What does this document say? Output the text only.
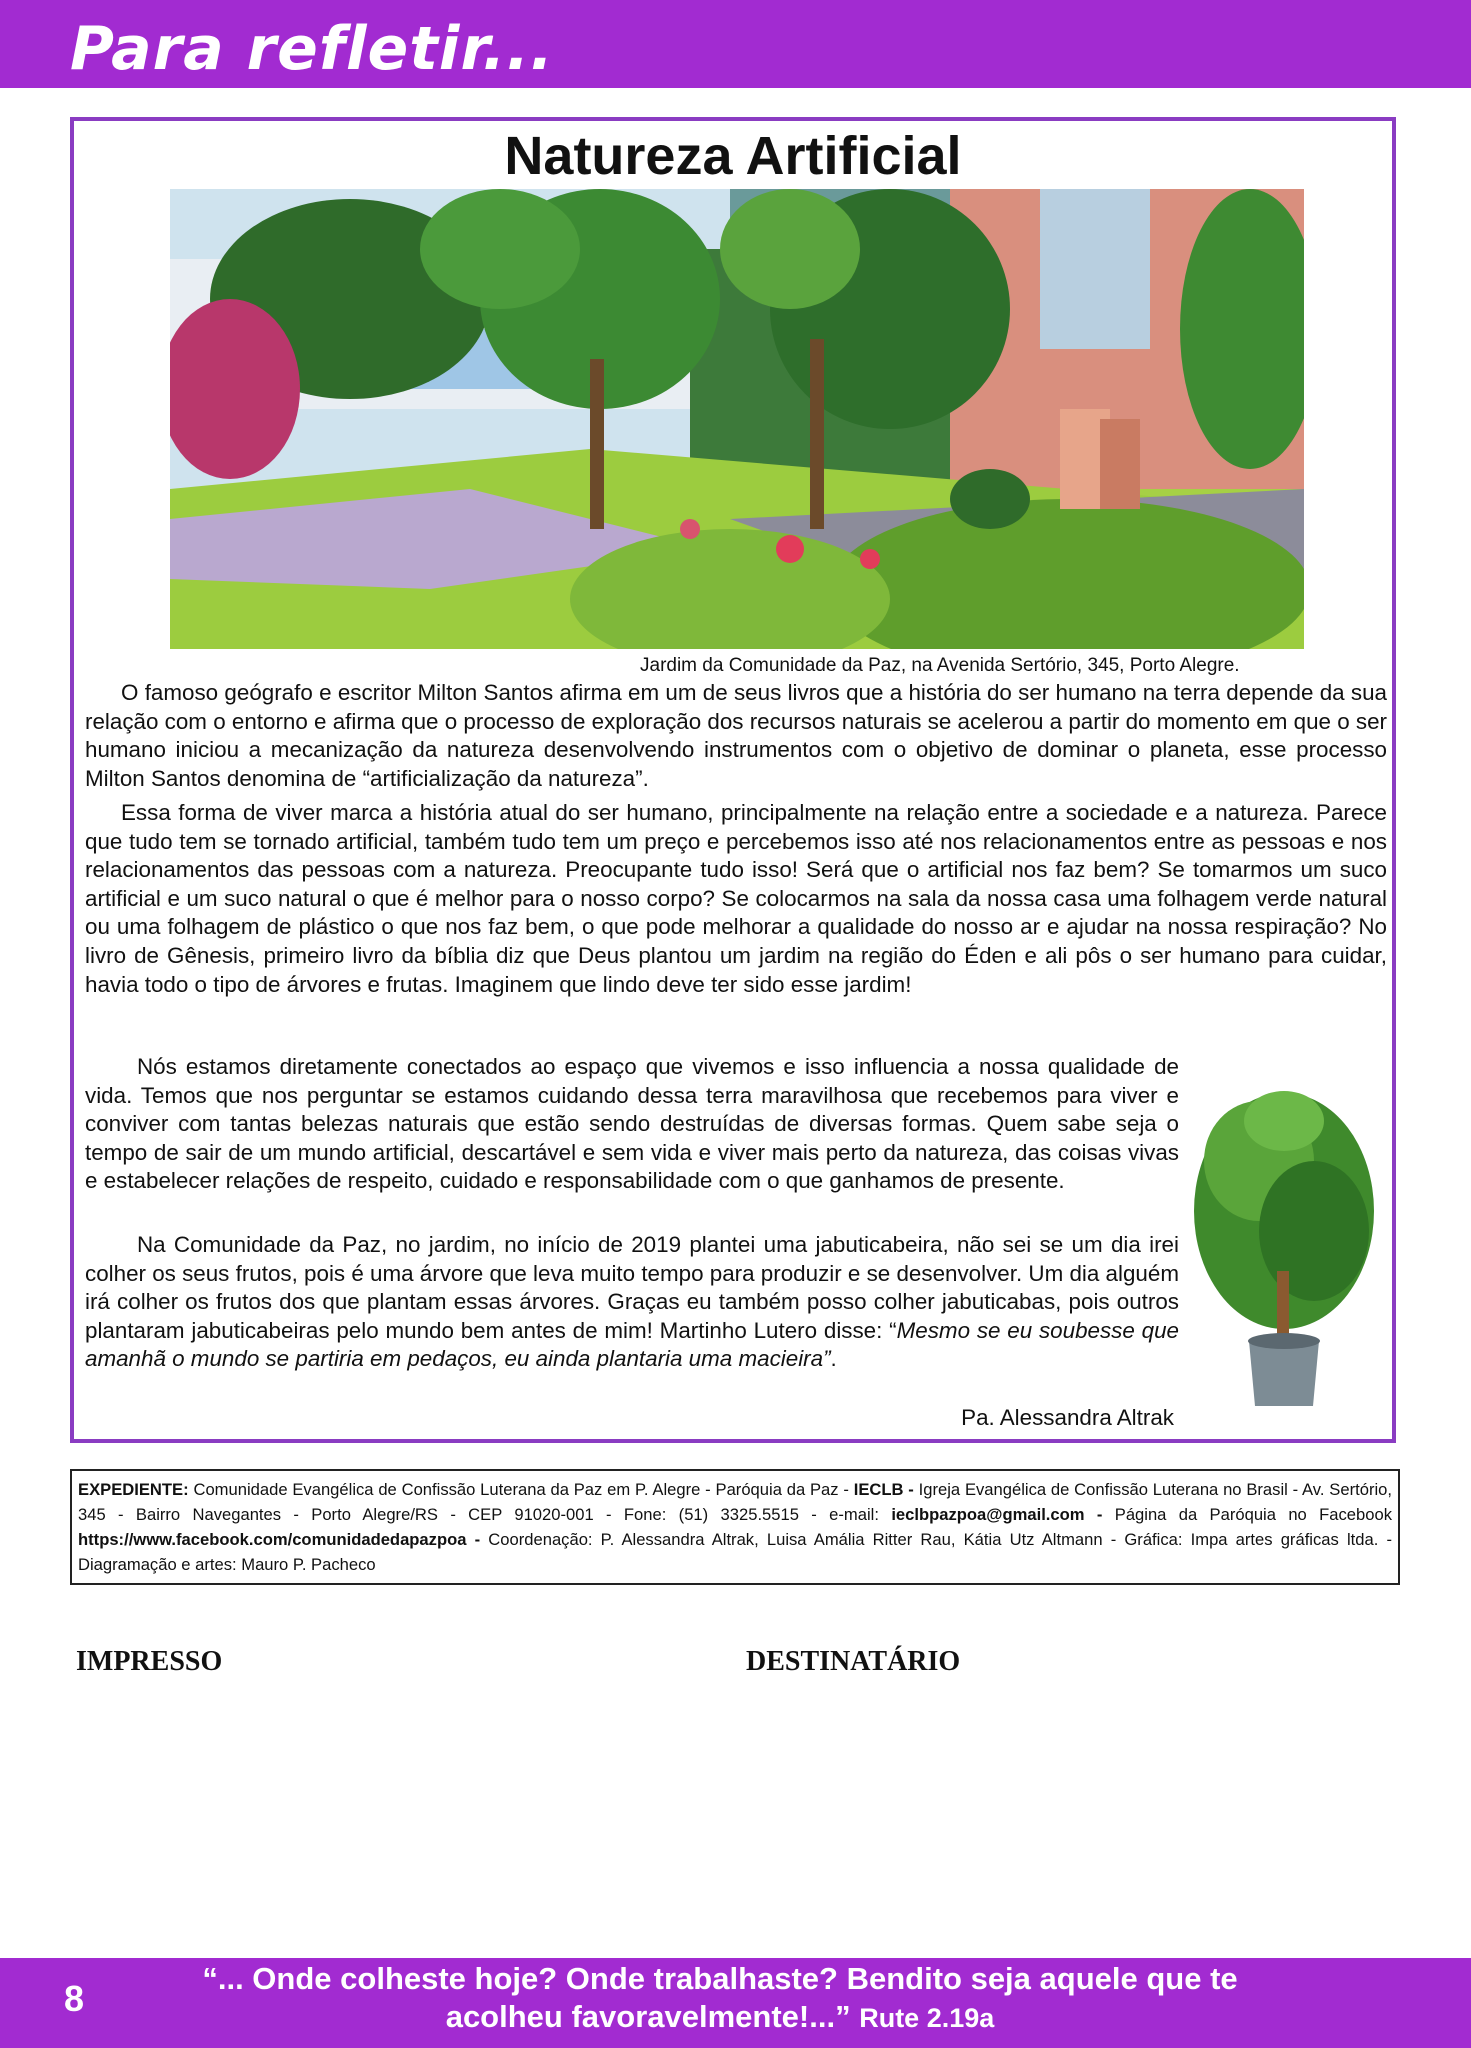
Para refletir...
Natureza Artificial
Jardim da Comunidade da Paz, na Avenida Sertório, 345, Porto Alegre.

O famoso geógrafo e escritor Milton Santos afirma em um de seus livros que a história do ser humano na terra depende da sua relação com o entorno e afirma que o processo de exploração dos recursos naturais se acelerou a partir do momento em que o ser humano iniciou a mecanização da natureza desenvolvendo instrumentos com o objetivo de dominar o planeta, esse processo Milton Santos denomina de “artificialização da natureza”.

Essa forma de viver marca a história atual do ser humano, principalmente na relação entre a sociedade e a natureza. Parece que tudo tem se tornado artificial, também tudo tem um preço e percebemos isso até nos relacionamentos entre as pessoas e nos relacionamentos das pessoas com a natureza. Preocupante tudo isso! Será que o artificial nos faz bem? Se tomarmos um suco artificial e um suco natural o que é melhor para o nosso corpo? Se colocarmos na sala da nossa casa uma folhagem verde natural ou uma folhagem de plástico o que nos faz bem, o que pode melhorar a qualidade do nosso ar e ajudar na nossa respiração? No livro de Gênesis, primeiro livro da bíblia diz que Deus plantou um jardim na região do Éden e ali pôs o ser humano para cuidar, havia todo o tipo de árvores e frutas. Imaginem que lindo deve ter sido esse jardim!

Nós estamos diretamente conectados ao espaço que vivemos e isso influencia a nossa qualidade de vida. Temos que nos perguntar se estamos cuidando dessa terra maravilhosa que recebemos para viver e conviver com tantas belezas naturais que estão sendo destruídas de diversas formas. Quem sabe seja o tempo de sair de um mundo artificial, descartável e sem vida e viver mais perto da natureza, das coisas vivas e estabelecer relações de respeito, cuidado e responsabilidade com o que ganhamos de presente.

Na Comunidade da Paz, no jardim, no início de 2019 plantei uma jabuticabeira, não sei se um dia irei colher os seus frutos, pois é uma árvore que leva muito tempo para produzir e se desenvolver. Um dia alguém irá colher os frutos dos que plantam essas árvores. Graças eu também posso colher jabuticabas, pois outros plantaram jabuticabeiras pelo mundo bem antes de mim! Martinho Lutero disse: “Mesmo se eu soubesse que amanhã o mundo se partiria em pedaços, eu ainda plantaria uma macieira”.

Pa. Alessandra Altrak
EXPEDIENTE: Comunidade Evangélica de Confissão Luterana da Paz em P. Alegre - Paróquia da Paz - IECLB - Igreja Evangélica de Confissão Luterana no Brasil - Av. Sertório, 345 - Bairro Navegantes - Porto Alegre/RS - CEP 91020-001 - Fone: (51) 3325.5515 - e-mail: ieclbpazpoa@gmail.com - Página da Paróquia no Facebook https://www.facebook.com/comunidadedapazpoa - Coordenação: P. Alessandra Altrak, Luisa Amália Ritter Rau, Kátia Utz Altmann - Gráfica: Impa artes gráficas ltda. - Diagramação e artes: Mauro P. Pacheco
IMPRESSO	DESTINATÁRIO
8	“... Onde colheste hoje? Onde trabalhaste? Bendito seja aquele que te
acolheu favoravelmente!...” Rute 2.19a
